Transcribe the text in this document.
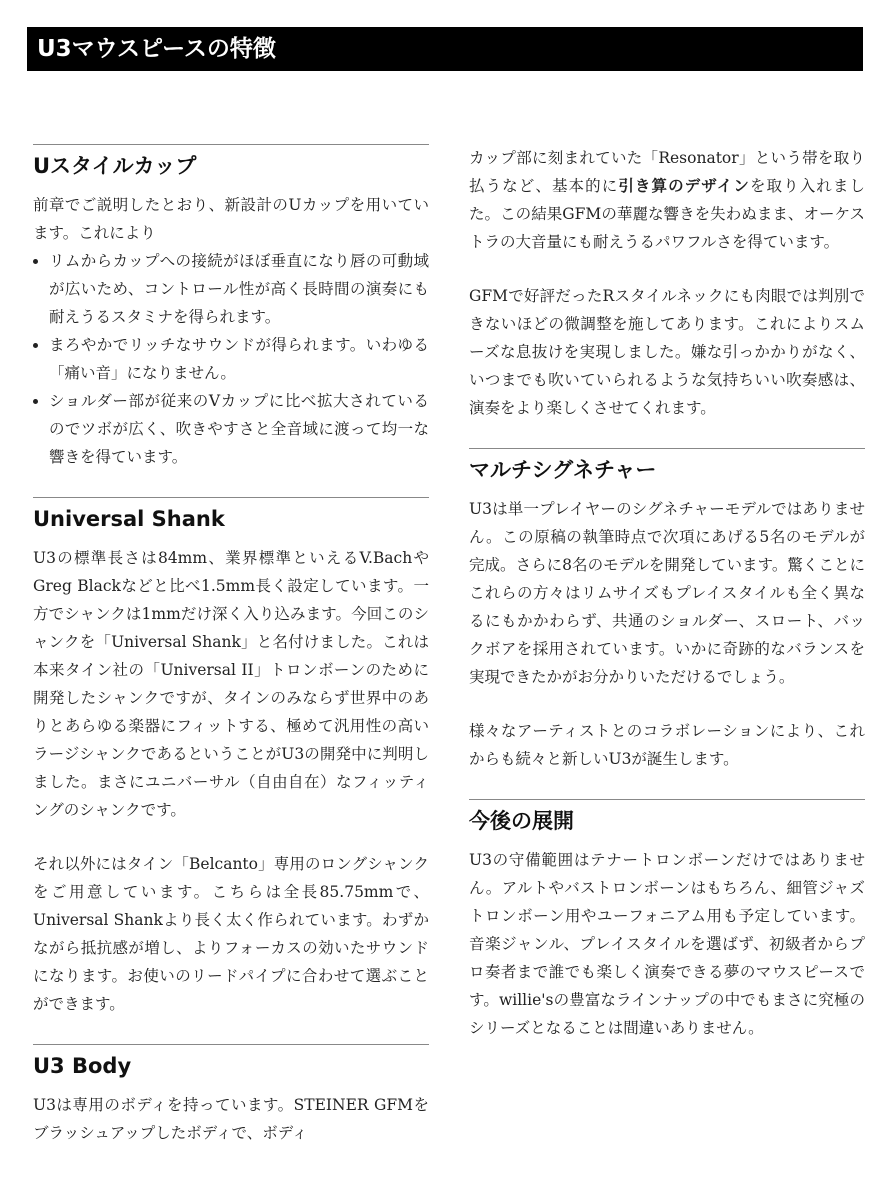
U3マウスピースの特徴
Uスタイルカップ

前章でご説明したとおり、新設計のUカップを用いています。これにより

• リムからカップへの接続がほぼ垂直になり唇の可動域が広いため、コントロール性が高く長時間の演奏にも耐えうるスタミナを得られます。
• まろやかでリッチなサウンドが得られます。いわゆる「痛い音」になりません。
• ショルダー部が従来のVカップに比べ拡大されているのでツボが広く、吹きやすさと全音域に渡って均一な響きを得ています。
Universal Shank

U3の標準長さは84mm、業界標準といえるV.BachやGreg Blackなどと比べ1.5mm長く設定しています。一方でシャンクは1mmだけ深く入り込みます。今回このシャンクを「Universal Shank」と名付けました。これは本来タイン社の「Universal II」トロンボーンのために開発したシャンクですが、タインのみならず世界中のありとあらゆる楽器にフィットする、極めて汎用性の高いラージシャンクであるということがU3の開発中に判明しました。まさにユニバーサル（自由自在）なフィッティングのシャンクです。

それ以外にはタイン「Belcanto」専用のロングシャンクをご用意しています。こちらは全長85.75mmで、Universal Shankより長く太く作られています。わずかながら抵抗感が増し、よりフォーカスの効いたサウンドになります。お使いのリードパイプに合わせて選ぶことができます。

U3 Body

U3は専用のボディを持っています。STEINER GFMをブラッシュアップしたボディで、ボディ

カップ部に刻まれていた「Resonator」という帯を取り払うなど、基本的に引き算のデザインを取り入れました。この結果GFMの華麗な響きを失わぬまま、オーケストラの大音量にも耐えうるパワフルさを得ています。

GFMで好評だったRスタイルネックにも肉眼では判別できないほどの微調整を施してあります。これによりスムーズな息抜けを実現しました。嫌な引っかかりがなく、いつまでも吹いていられるような気持ちいい吹奏感は、演奏をより楽しくさせてくれます。

マルチシグネチャー

U3は単一プレイヤーのシグネチャーモデルではありません。この原稿の執筆時点で次項にあげる5名のモデルが完成。さらに8名のモデルを開発しています。驚くことにこれらの方々はリムサイズもプレイスタイルも全く異なるにもかかわらず、共通のショルダー、スロート、バックボアを採用されています。いかに奇跡的なバランスを実現できたかがお分かりいただけるでしょう。

様々なアーティストとのコラボレーションにより、これからも続々と新しいU3が誕生します。

今後の展開

U3の守備範囲はテナートロンボーンだけではありません。アルトやバストロンボーンはもちろん、細管ジャズトロンボーン用やユーフォニアム用も予定しています。音楽ジャンル、プレイスタイルを選ばず、初級者からプロ奏者まで誰でも楽しく演奏できる夢のマウスピースです。willie'sの豊富なラインナップの中でもまさに究極のシリーズとなることは間違いありません。
